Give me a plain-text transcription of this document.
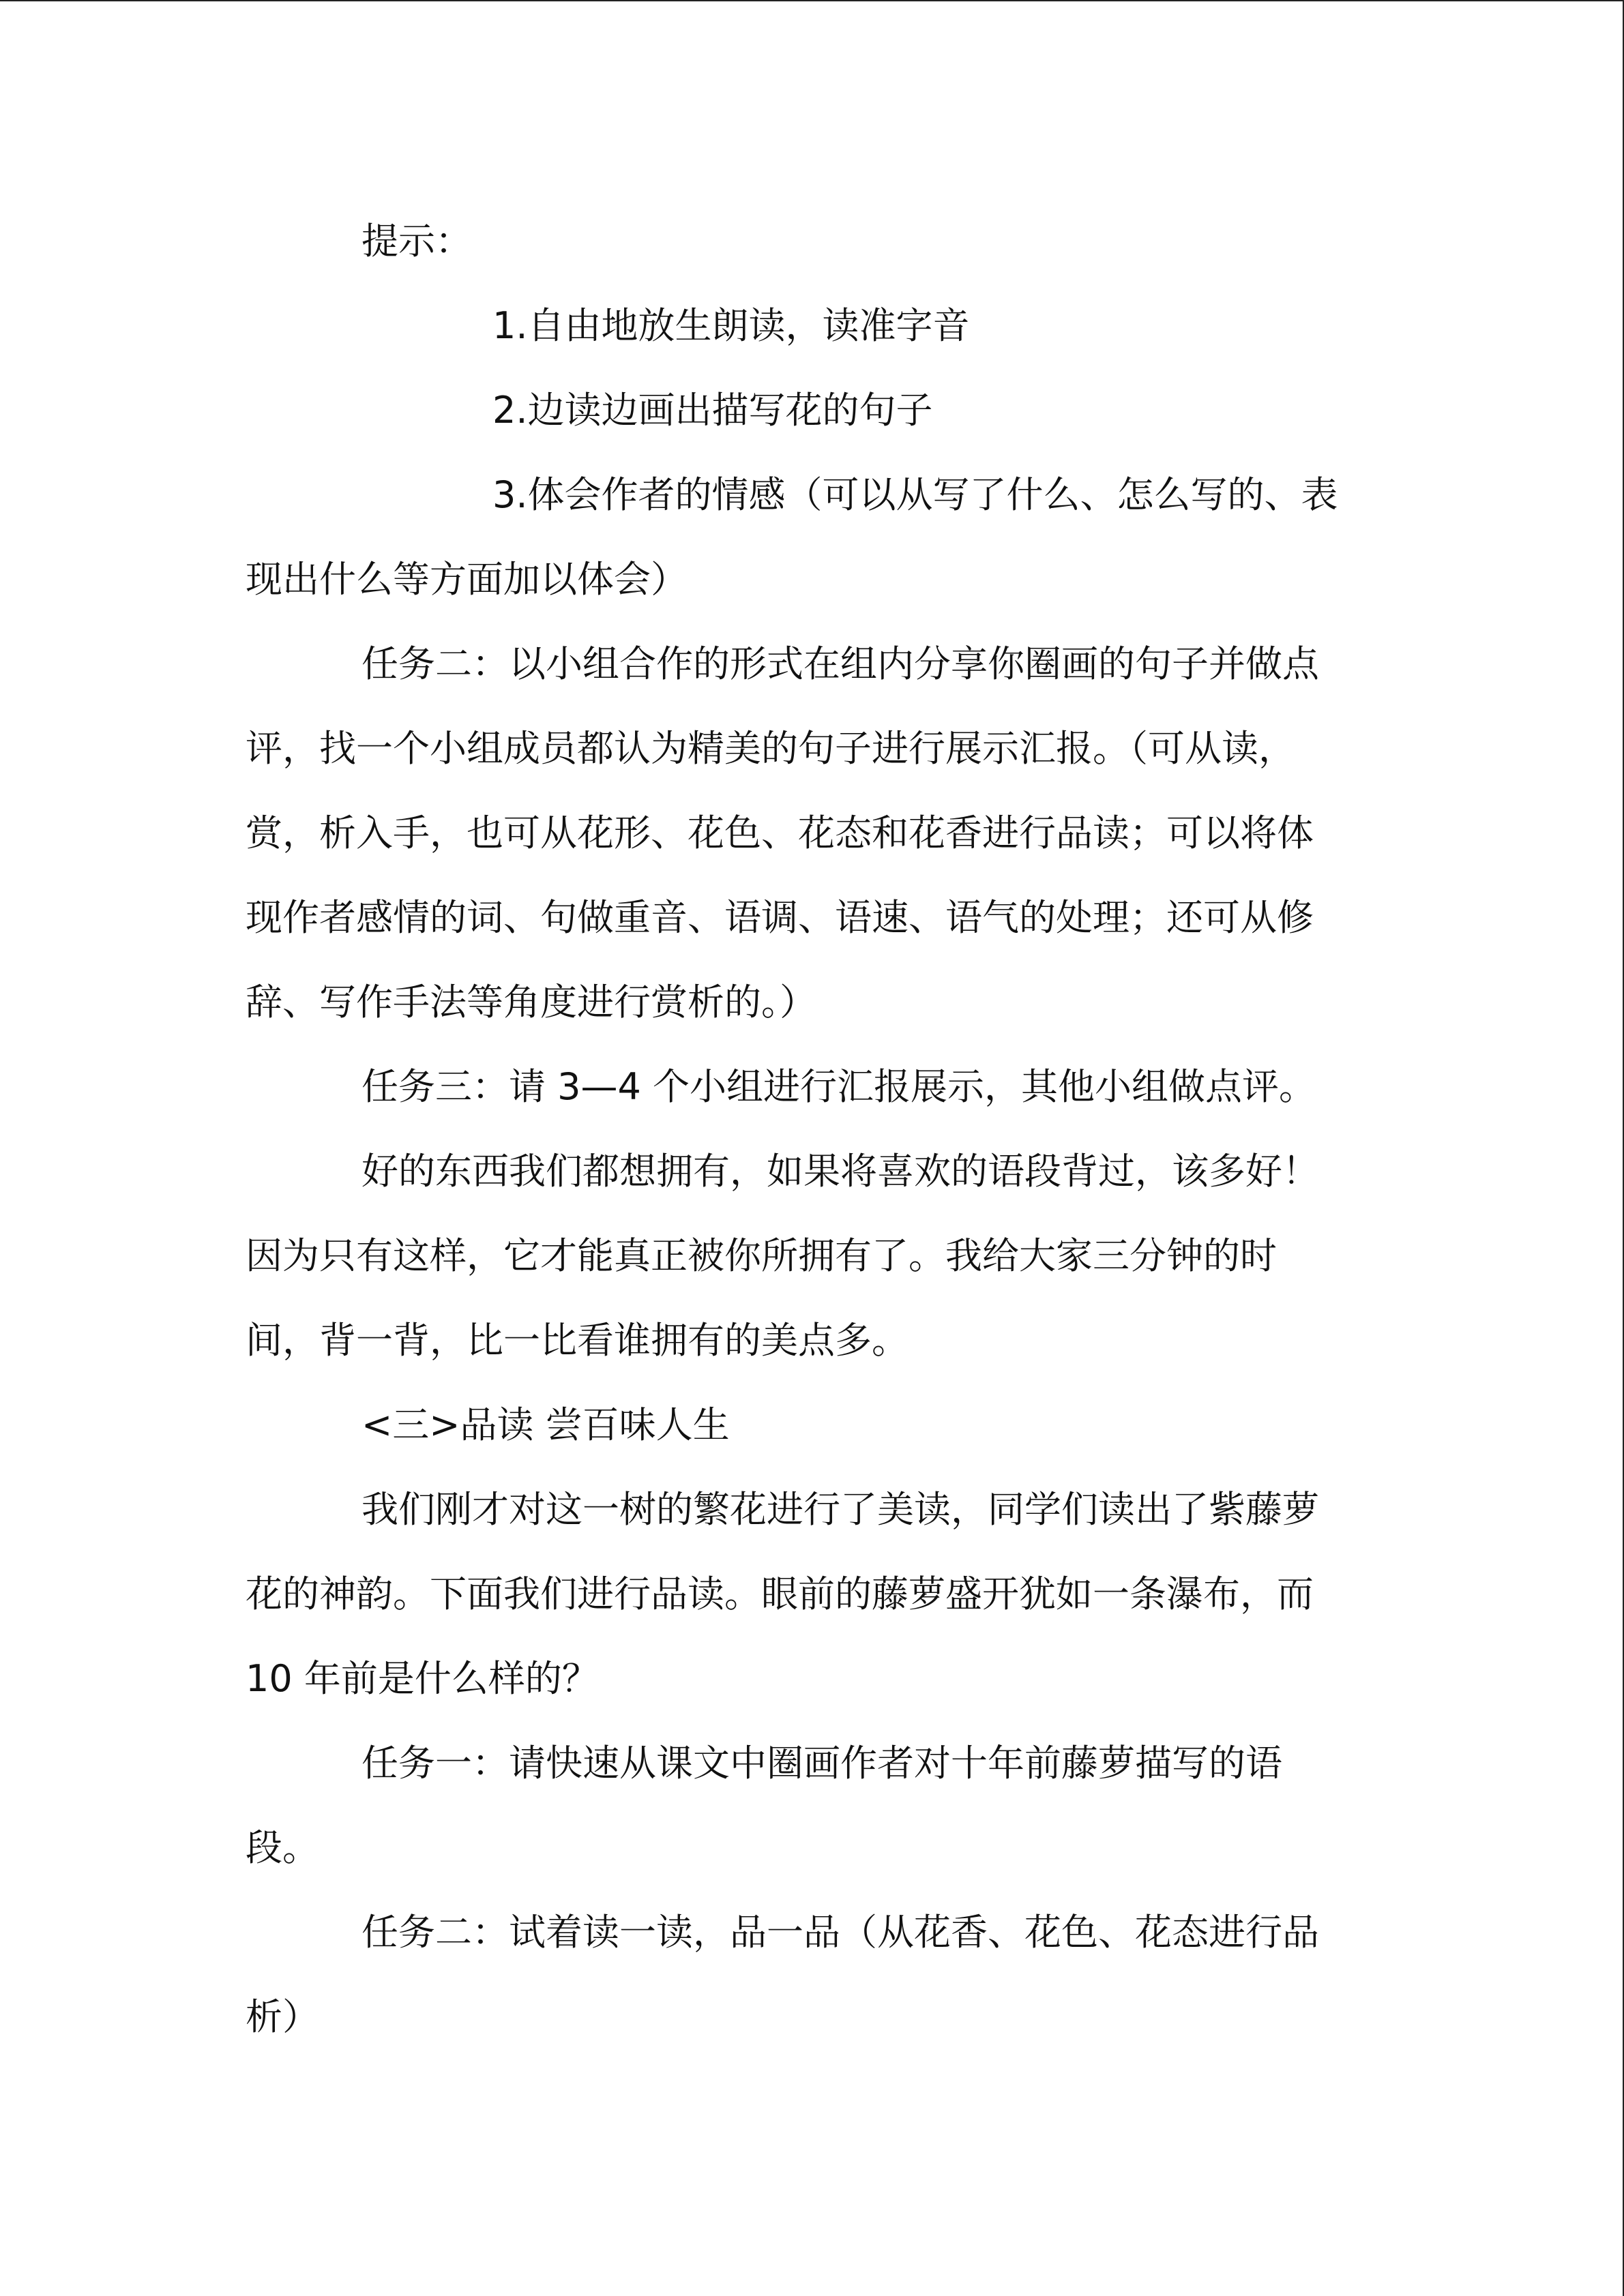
提示：
1.自由地放生朗读，读准字音
2.边读边画出描写花的句子
3.体会作者的情感（可以从写了什么、怎么写的、表
现出什么等方面加以体会）
任务二：以小组合作的形式在组内分享你圈画的句子并做点
评，找一个小组成员都认为精美的句子进行展示汇报。（可从读，
赏，析入手，也可从花形、花色、花态和花香进行品读；可以将体
现作者感情的词、句做重音、语调、语速、语气的处理；还可从修
辞、写作手法等角度进行赏析的。）
任务三：请 3—4 个小组进行汇报展示，其他小组做点评。
好的东西我们都想拥有，如果将喜欢的语段背过，该多好！
因为只有这样，它才能真正被你所拥有了。我给大家三分钟的时
间，背一背，比一比看谁拥有的美点多。
<三>品读 尝百味人生
我们刚才对这一树的繁花进行了美读，同学们读出了紫藤萝
花的神韵。下面我们进行品读。眼前的藤萝盛开犹如一条瀑布，而
10 年前是什么样的？
任务一：请快速从课文中圈画作者对十年前藤萝描写的语
段。
任务二：试着读一读，品一品（从花香、花色、花态进行品
析）
